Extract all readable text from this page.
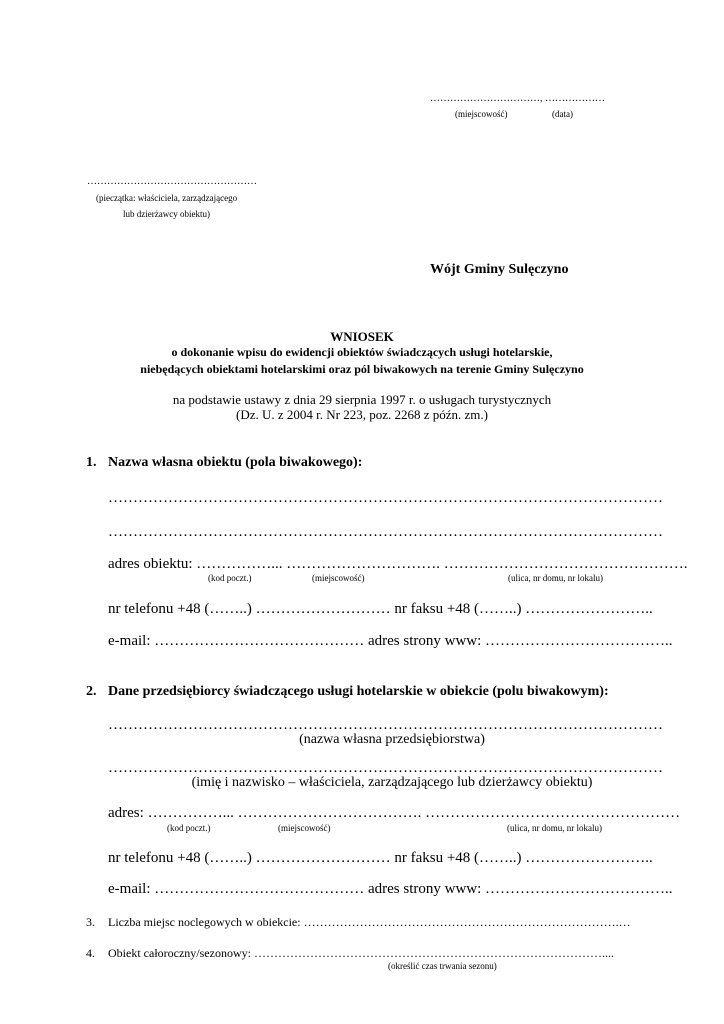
……………………………, ………………
(miejscowość)	(data)
……………………………………………
(pieczątka: właściciela, zarządzającego
lub dzierżawcy obiektu)
Wójt Gminy Sulęczyno
WNIOSEK
o dokonanie wpisu do ewidencji obiektów świadczących usługi hotelarskie,
niebędących obiektami hotelarskimi oraz pól biwakowych na terenie Gminy Sulęczyno
na podstawie ustawy z dnia 29 sierpnia 1997 r. o usługach turystycznych
(Dz. U. z 2004 r. Nr 223, poz. 2268 z późn. zm.)
1. Nazwa własna obiektu (pola biwakowego):
…………………………………………………………………………………………………
…………………………………………………………………………………………………
adres obiektu: ……………... …………………………. ………………………………………….
(kod poczt.)	(miejscowość)	(ulica, nr domu, nr lokalu)
nr telefonu +48 (……..) ……………………… nr faksu +48 (……..) ……………………..
e-mail: …………………………………… adres strony www: ………………………………..
2. Dane przedsiębiorcy świadczącego usługi hotelarskie w obiekcie (polu biwakowym):
…………………………………………………………………………………………………
(nazwa własna przedsiębiorstwa)
…………………………………………………………………………………………………
(imię i nazwisko – właściciela, zarządzającego lub dzierżawcy obiektu)
adres: ……………... ………………………………. ……………………………………………
(kod poczt.)	(miejscowość)	(ulica, nr domu, nr lokalu)
nr telefonu +48 (……..) ……………………… nr faksu +48 (……..) ……………………..
e-mail: …………………………………… adres strony www: ………………………………..
3. Liczba miejsc noclegowych w obiekcie: …………………………………………………………………….…
4. Obiekt całoroczny/sezonowy: ……………………………………………………………………………....
(określić czas trwania sezonu)
